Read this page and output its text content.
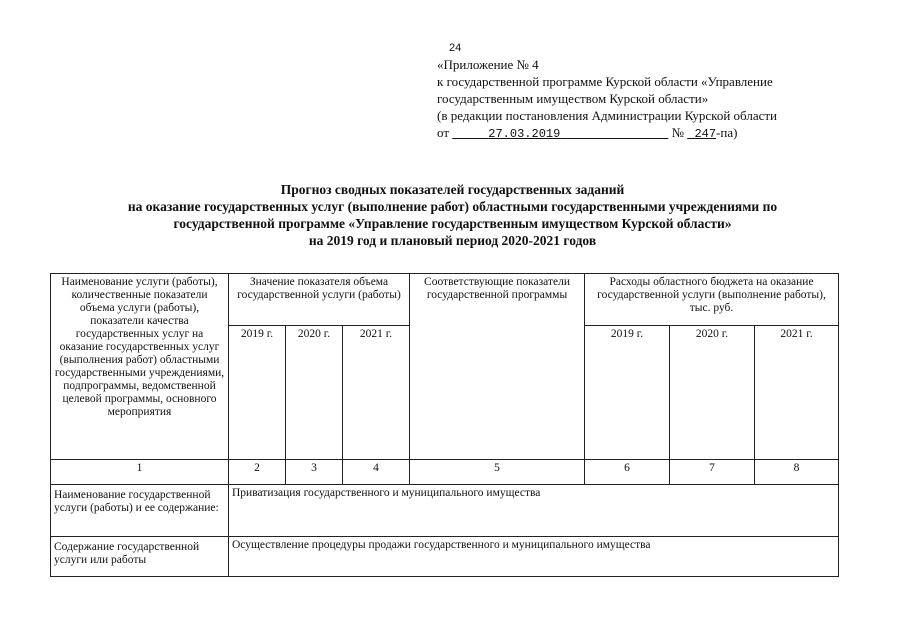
24
«Приложение № 4
к государственной программе Курской области «Управление
государственным имуществом Курской области»
(в редакции постановления Администрации Курской области
от	27.03.2019	№ 247-па)
Прогноз сводных показателей государственных заданий
на оказание государственных услуг (выполнение работ) областными государственными учреждениями по
государственной программе «Управление государственным имуществом Курской области»
на 2019 год и плановый период 2020-2021 годов
Наименование услуги (работы), количественные показатели объема услуги (работы), показатели качества государственных услуг на оказание государственных услуг (выполнения работ) областными государственными учреждениями, подпрограммы, ведомственной целевой программы, основного мероприятия	Значение показателя объема государственной услуги (работы)			Соответствующие показатели государственной программы	Расходы областного бюджета на оказание государственной услуги (выполнение работы), тыс. руб.		
	2019 г.	2020 г.	2021 г.		2019 г.	2020 г.	2021 г.
1	2	3	4	5	6	7	8
Наименование государственной услуги (работы) и ее содержание:	Приватизация государственного и муниципального имущества						
Содержание государственной услуги или работы	Осуществление процедуры продажи государственного и муниципального имущества						
